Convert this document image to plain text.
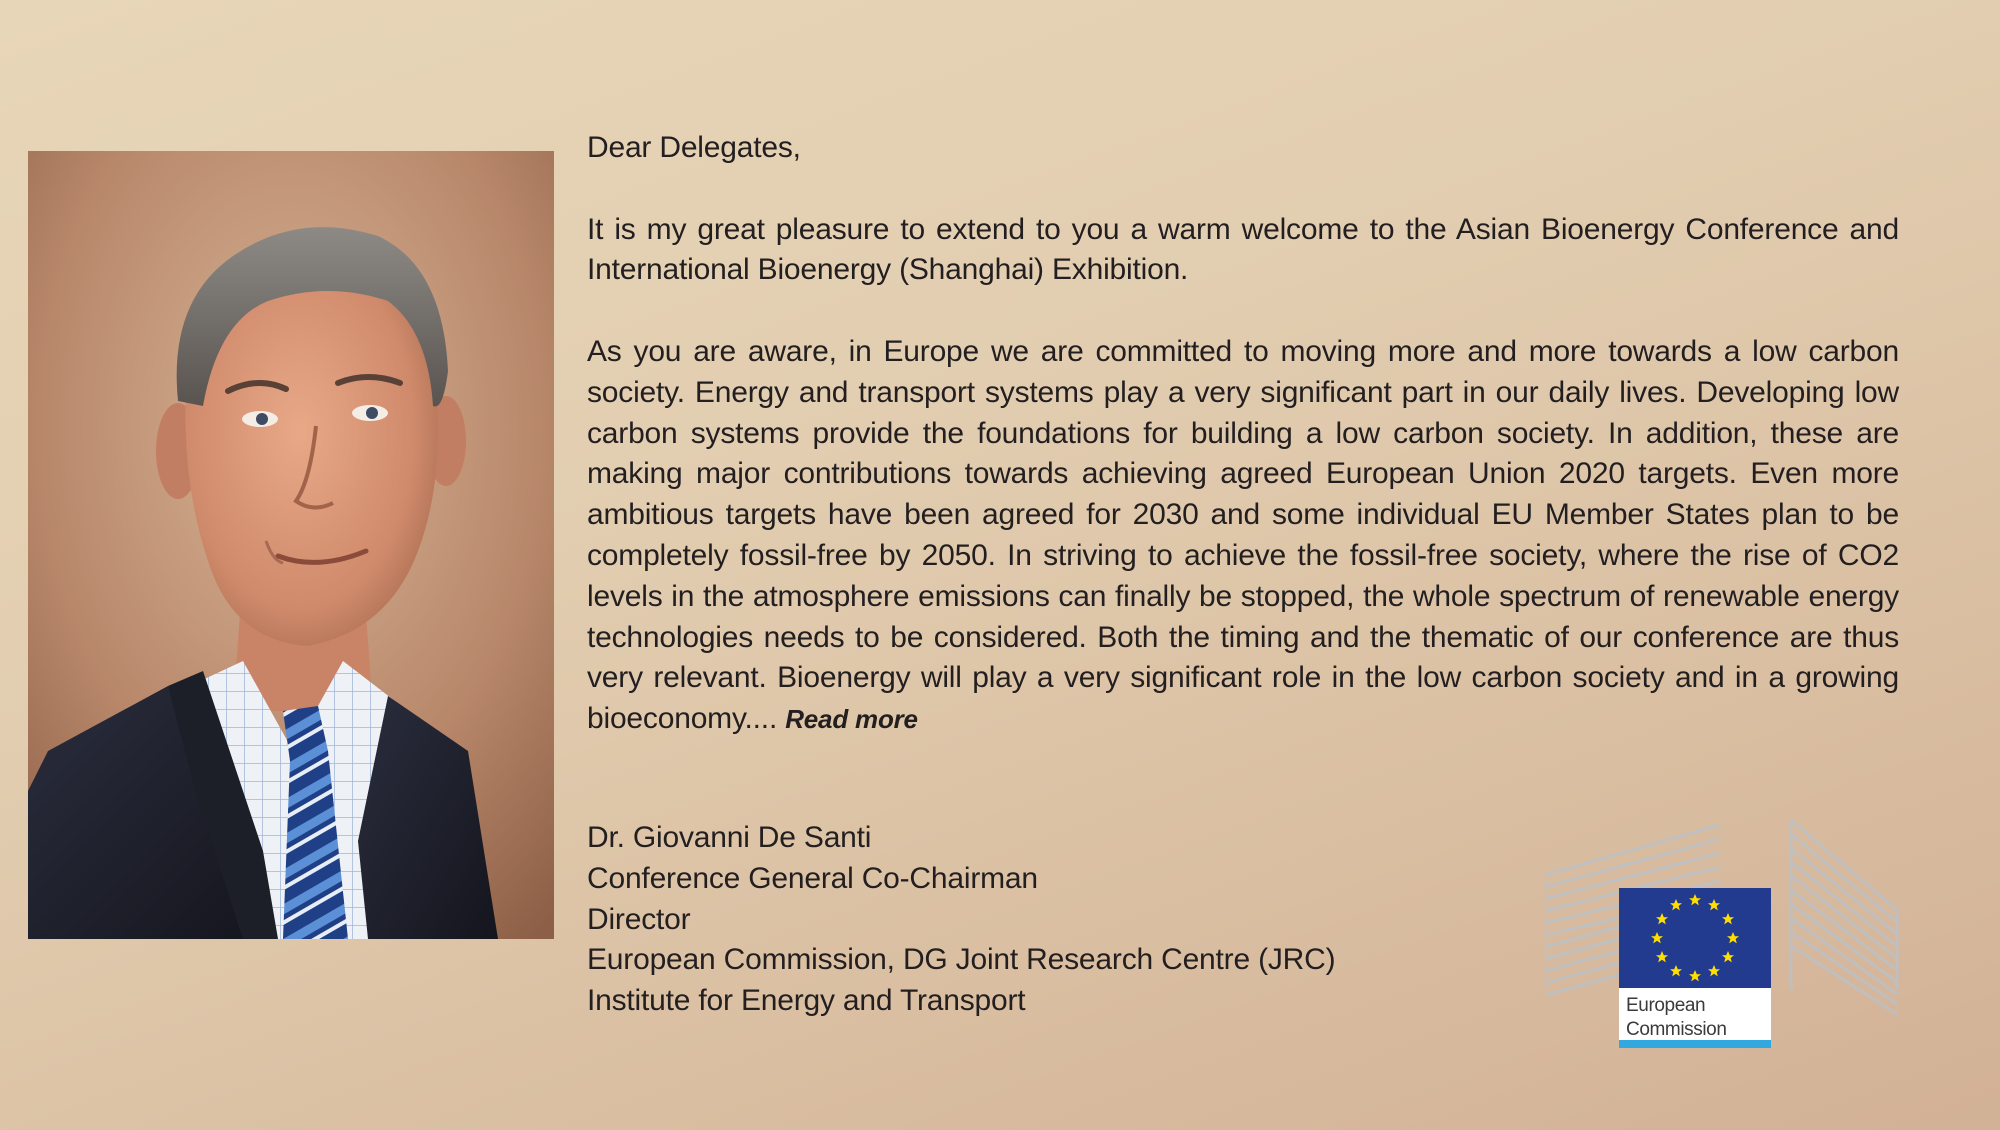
Dear Delegates,

It is my great pleasure to extend to you a warm welcome to the Asian Bioenergy Conference and International Bioenergy (Shanghai) Exhibition.

As you are aware, in Europe we are committed to moving more and more towards a low carbon society. Energy and transport systems play a very significant part in our daily lives. Developing low carbon systems provide the foundations for building a low carbon society. In addition, these are making major contributions towards achieving agreed European Union 2020 targets. Even more ambitious targets have been agreed for 2030 and some individual EU Member States plan to be completely fossil-free by 2050. In striving to achieve the fossil-free society, where the rise of CO2 levels in the atmosphere emissions can finally be stopped, the whole spectrum of renewable energy technologies needs to be considered. Both the timing and the thematic of our conference are thus very relevant. Bioenergy will play a very significant role in the low carbon society and in a growing bioeconomy.... Read more

Dr. Giovanni De Santi
Conference General Co-Chairman
Director
European Commission, DG Joint Research Centre (JRC)
Institute for Energy and Transport	European
Commission
